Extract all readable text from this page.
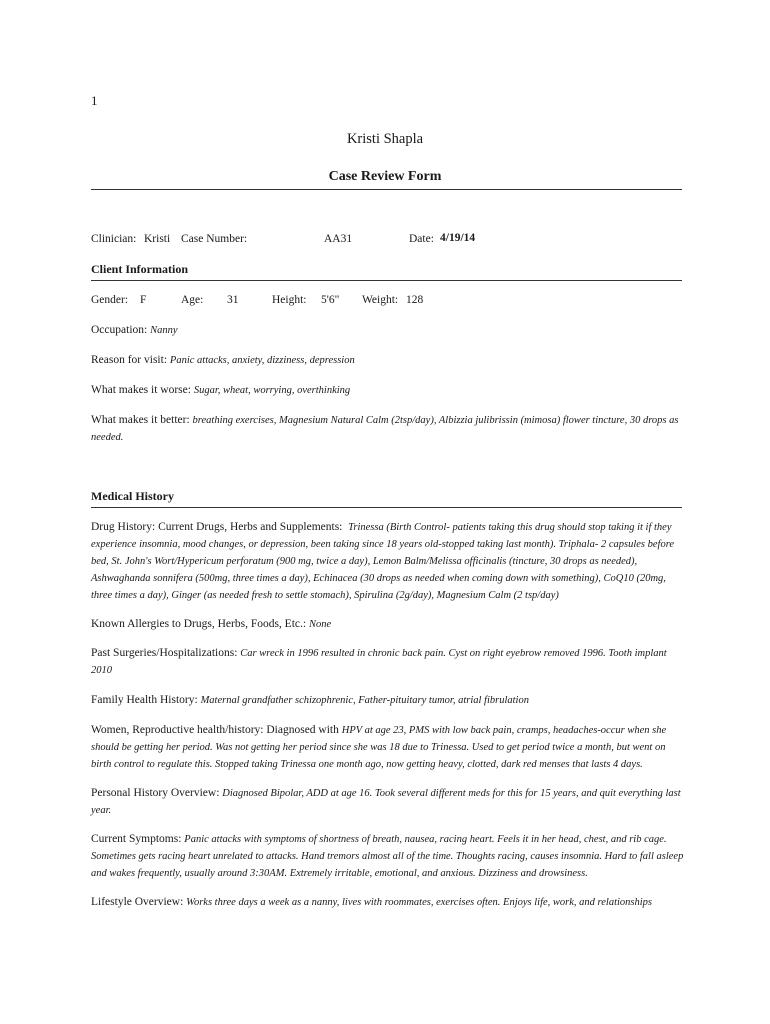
1
Kristi Shapla
Case Review Form
Clinician: Kristi Case Number:	AA31	Date: 4/19/14
Client Information
Gender: F	Age: 31	Height: 5'6" Weight: 128
Occupation: Nanny
Reason for visit: Panic attacks, anxiety, dizziness, depression
What makes it worse: Sugar, wheat, worrying, overthinking
What makes it better: breathing exercises, Magnesium Natural Calm (2tsp/day), Albizzia julibrissin (mimosa) flower tincture, 30 drops as needed.
Medical History
Drug History: Current Drugs, Herbs and Supplements: Trinessa (Birth Control- patients taking this drug should stop taking it if they experience insomnia, mood changes, or depression, been taking since 18 years old-stopped taking last month). Triphala- 2 capsules before bed, St. John's Wort/Hypericum perforatum (900 mg, twice a day), Lemon Balm/Melissa officinalis (tincture, 30 drops as needed), Ashwaghanda sonnifera (500mg, three times a day), Echinacea (30 drops as needed when coming down with something), CoQ10 (20mg, three times a day), Ginger (as needed fresh to settle stomach), Spirulina (2g/day), Magnesium Calm (2 tsp/day)
Known Allergies to Drugs, Herbs, Foods, Etc.: None
Past Surgeries/Hospitalizations: Car wreck in 1996 resulted in chronic back pain. Cyst on right eyebrow removed 1996. Tooth implant 2010
Family Health History: Maternal grandfather schizophrenic, Father-pituitary tumor, atrial fibrulation
Women, Reproductive health/history: Diagnosed with HPV at age 23, PMS with low back pain, cramps, headaches-occur when she should be getting her period. Was not getting her period since she was 18 due to Trinessa. Used to get period twice a month, but went on birth control to regulate this. Stopped taking Trinessa one month ago, now getting heavy, clotted, dark red menses that lasts 4 days.
Personal History Overview: Diagnosed Bipolar, ADD at age 16. Took several different meds for this for 15 years, and quit everything last year.
Current Symptoms: Panic attacks with symptoms of shortness of breath, nausea, racing heart. Feels it in her head, chest, and rib cage. Sometimes gets racing heart unrelated to attacks. Hand tremors almost all of the time. Thoughts racing, causes insomnia. Hard to fall asleep and wakes frequently, usually around 3:30AM. Extremely irritable, emotional, and anxious. Dizziness and drowsiness.
Lifestyle Overview: Works three days a week as a nanny, lives with roommates, exercises often. Enjoys life, work, and relationships
